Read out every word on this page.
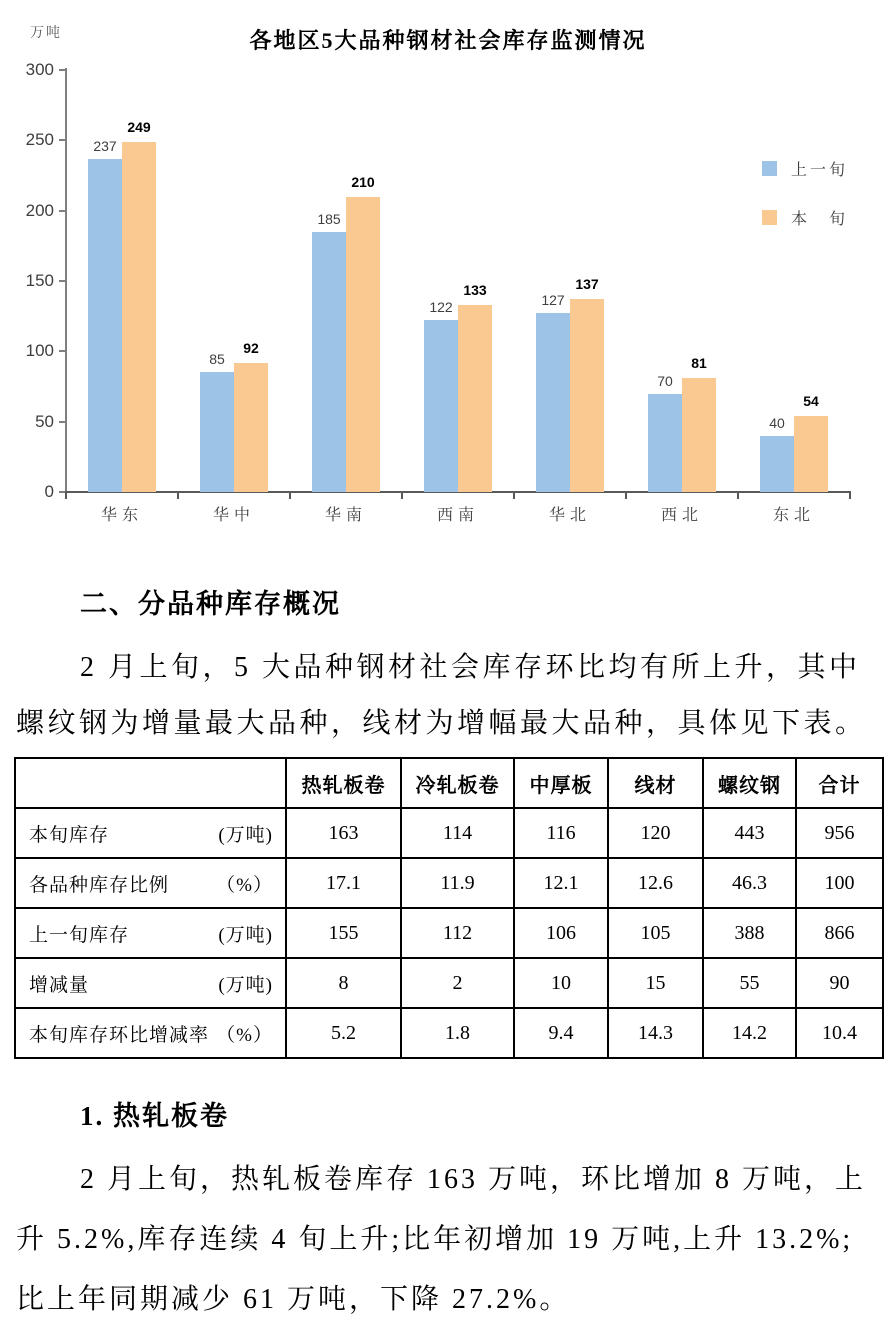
万吨	各地区5大品种钢材社会库存监测情况
0
50
100
150
200
250
300
237
249
华东
85
92
华中
185
210
华南
122
133
西南
127
137
华北
70
81
西北
40
54
东北
上一旬
本　旬
二、分品种库存概况
2 月上旬，5 大品种钢材社会库存环比均有所上升，其中
螺纹钢为增量最大品种，线材为增幅最大品种，具体见下表。
	热轧板卷	冷轧板卷	中厚板	线材	螺纹钢	合计

本旬库存 (万吨)	163	114	116	120	443	956

各品种库存比例 （%）	17.1	11.9	12.1	12.6	46.3	100

上一旬库存 (万吨)	155	112	106	105	388	866

增减量 (万吨)	8	2	10	15	55	90

本旬库存环比增减率 （%）	5.2	1.8	9.4	14.3	14.2	10.4
1. 热轧板卷
2 月上旬，热轧板卷库存 163 万吨，环比增加 8 万吨，上
升 5.2%,库存连续 4 旬上升;比年初增加 19 万吨,上升 13.2%;
比上年同期减少 61 万吨，下降 27.2%。
